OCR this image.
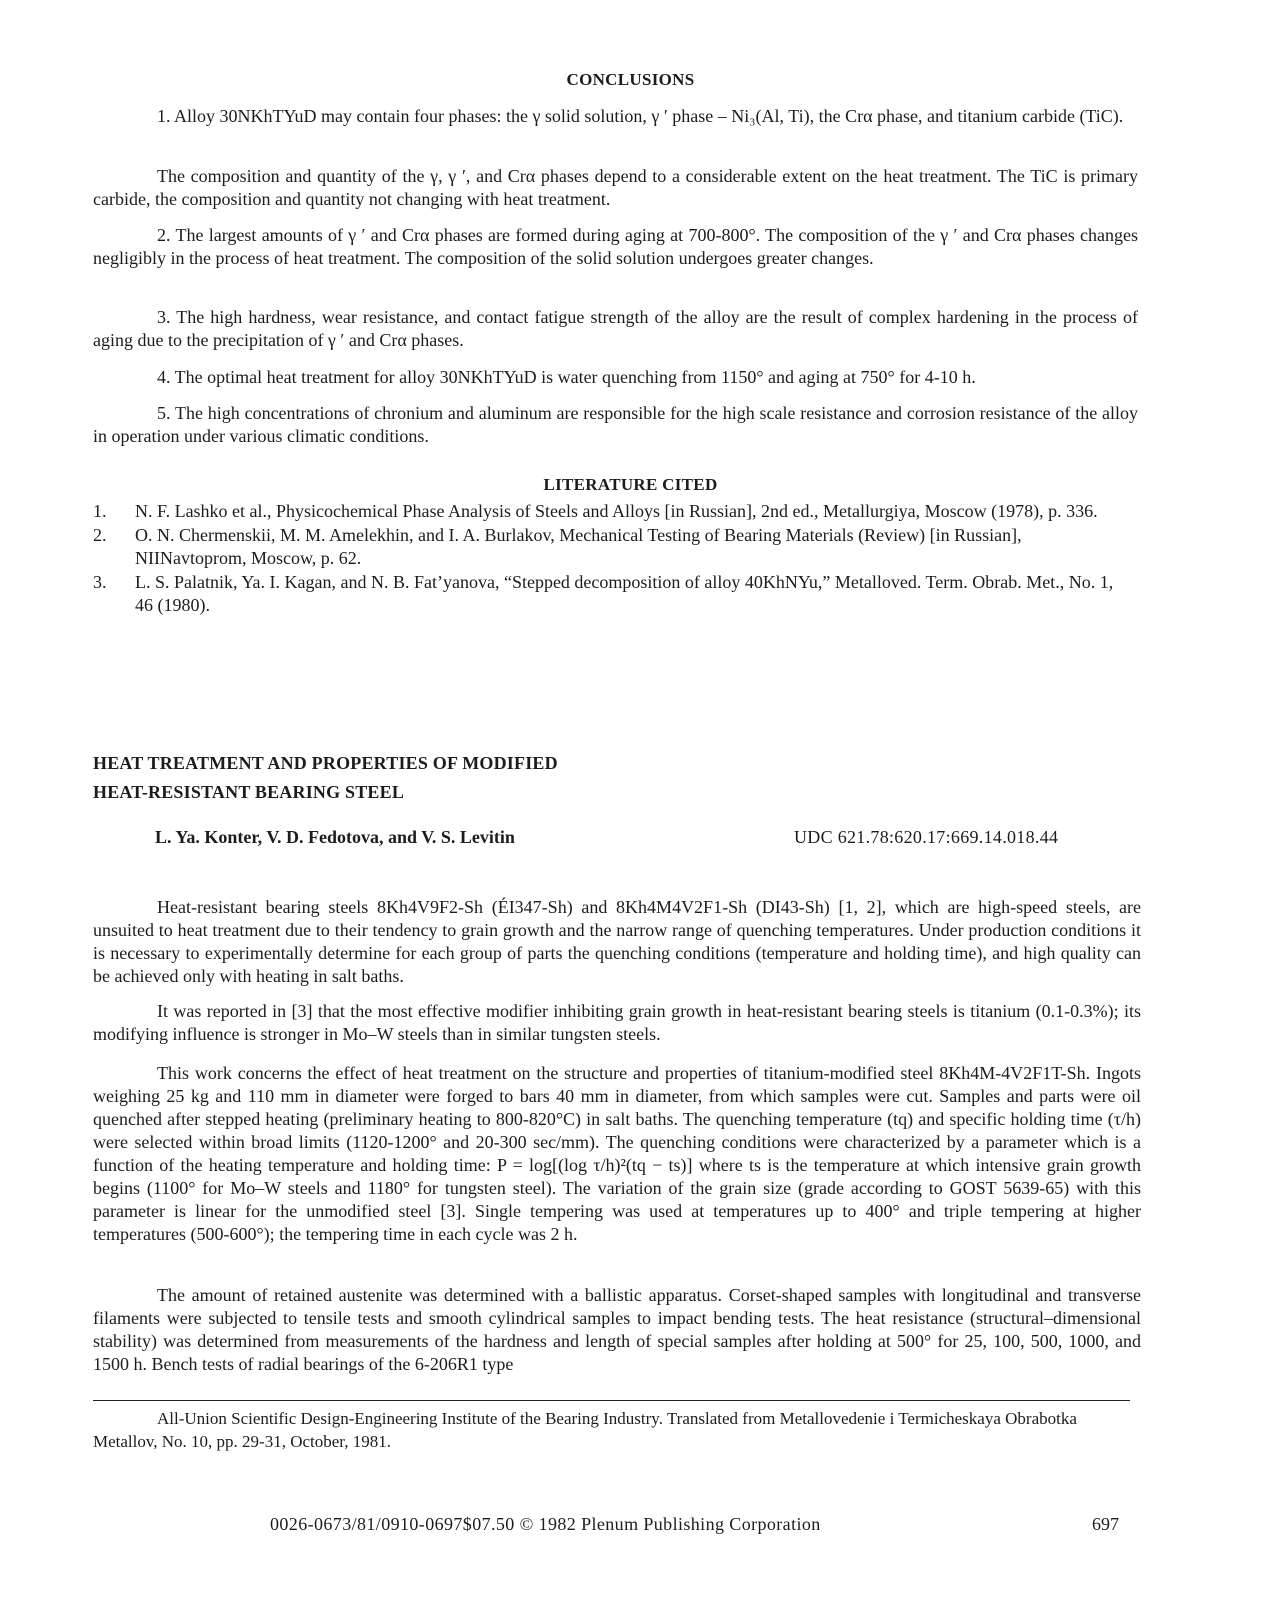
CONCLUSIONS

1. Alloy 30NKhTYuD may contain four phases: the γ solid solution, γ ′ phase – Ni₃(Al, Ti), the Crα phase, and titanium carbide (TiC).

The composition and quantity of the γ, γ ′, and Crα phases depend to a considerable extent on the heat treatment. The TiC is primary carbide, the composition and quantity not changing with heat treatment.

2. The largest amounts of γ ′ and Crα phases are formed during aging at 700-800°. The composition of the γ ′ and Crα phases changes negligibly in the process of heat treatment. The composition of the solid solution undergoes greater changes.

3. The high hardness, wear resistance, and contact fatigue strength of the alloy are the result of complex hardening in the process of aging due to the precipitation of γ ′ and Crα phases.

4. The optimal heat treatment for alloy 30NKhTYuD is water quenching from 1150° and aging at 750° for 4-10 h.

5. The high concentrations of chronium and aluminum are responsible for the high scale resistance and corrosion resistance of the alloy in operation under various climatic conditions.

LITERATURE CITED
1. N. F. Lashko et al., Physicochemical Phase Analysis of Steels and Alloys [in Russian], 2nd ed., Metallurgiya, Moscow (1978), p. 336.
2. O. N. Chermenskii, M. M. Amelekhin, and I. A. Burlakov, Mechanical Testing of Bearing Materials (Review) [in Russian], NIINavtoprom, Moscow, p. 62.
3. L. S. Palatnik, Ya. I. Kagan, and N. B. Fat’yanova, “Stepped decomposition of alloy 40KhNYu,” Metalloved. Term. Obrab. Met., No. 1, 46 (1980).
HEAT TREATMENT AND PROPERTIES OF MODIFIED
HEAT-RESISTANT BEARING STEEL
L. Ya. Konter, V. D. Fedotova, and V. S. Levitin	UDC 621.78:620.17:669.14.018.44

Heat-resistant bearing steels 8Kh4V9F2-Sh (ÉI347-Sh) and 8Kh4M4V2F1-Sh (DI43-Sh) [1, 2], which are high-speed steels, are unsuited to heat treatment due to their tendency to grain growth and the narrow range of quenching temperatures. Under production conditions it is necessary to experimentally determine for each group of parts the quenching conditions (temperature and holding time), and high quality can be achieved only with heating in salt baths.

It was reported in [3] that the most effective modifier inhibiting grain growth in heat-resistant bearing steels is titanium (0.1-0.3%); its modifying influence is stronger in Mo–W steels than in similar tungsten steels.

This work concerns the effect of heat treatment on the structure and properties of titanium-modified steel 8Kh4M-4V2F1T-Sh. Ingots weighing 25 kg and 110 mm in diameter were forged to bars 40 mm in diameter, from which samples were cut. Samples and parts were oil quenched after stepped heating (preliminary heating to 800-820°C) in salt baths. The quenching temperature (tq) and specific holding time (τ/h) were selected within broad limits (1120-1200° and 20-300 sec/mm). The quenching conditions were characterized by a parameter which is a function of the heating temperature and holding time: P = log[(log τ/h)²(tq − ts)] where ts is the temperature at which intensive grain growth begins (1100° for Mo–W steels and 1180° for tungsten steel). The variation of the grain size (grade according to GOST 5639-65) with this parameter is linear for the unmodified steel [3]. Single tempering was used at temperatures up to 400° and triple tempering at higher temperatures (500-600°); the tempering time in each cycle was 2 h.

The amount of retained austenite was determined with a ballistic apparatus. Corset-shaped samples with longitudinal and transverse filaments were subjected to tensile tests and smooth cylindrical samples to impact bending tests. The heat resistance (structural–dimensional stability) was determined from measurements of the hardness and length of special samples after holding at 500° for 25, 100, 500, 1000, and 1500 h. Bench tests of radial bearings of the 6-206R1 type

All-Union Scientific Design-Engineering Institute of the Bearing Industry. Translated from Metallovedenie i Termicheskaya Obrabotka Metallov, No. 10, pp. 29-31, October, 1981.

0026-0673/81/0910-0697$07.50 © 1982 Plenum Publishing Corporation	697
